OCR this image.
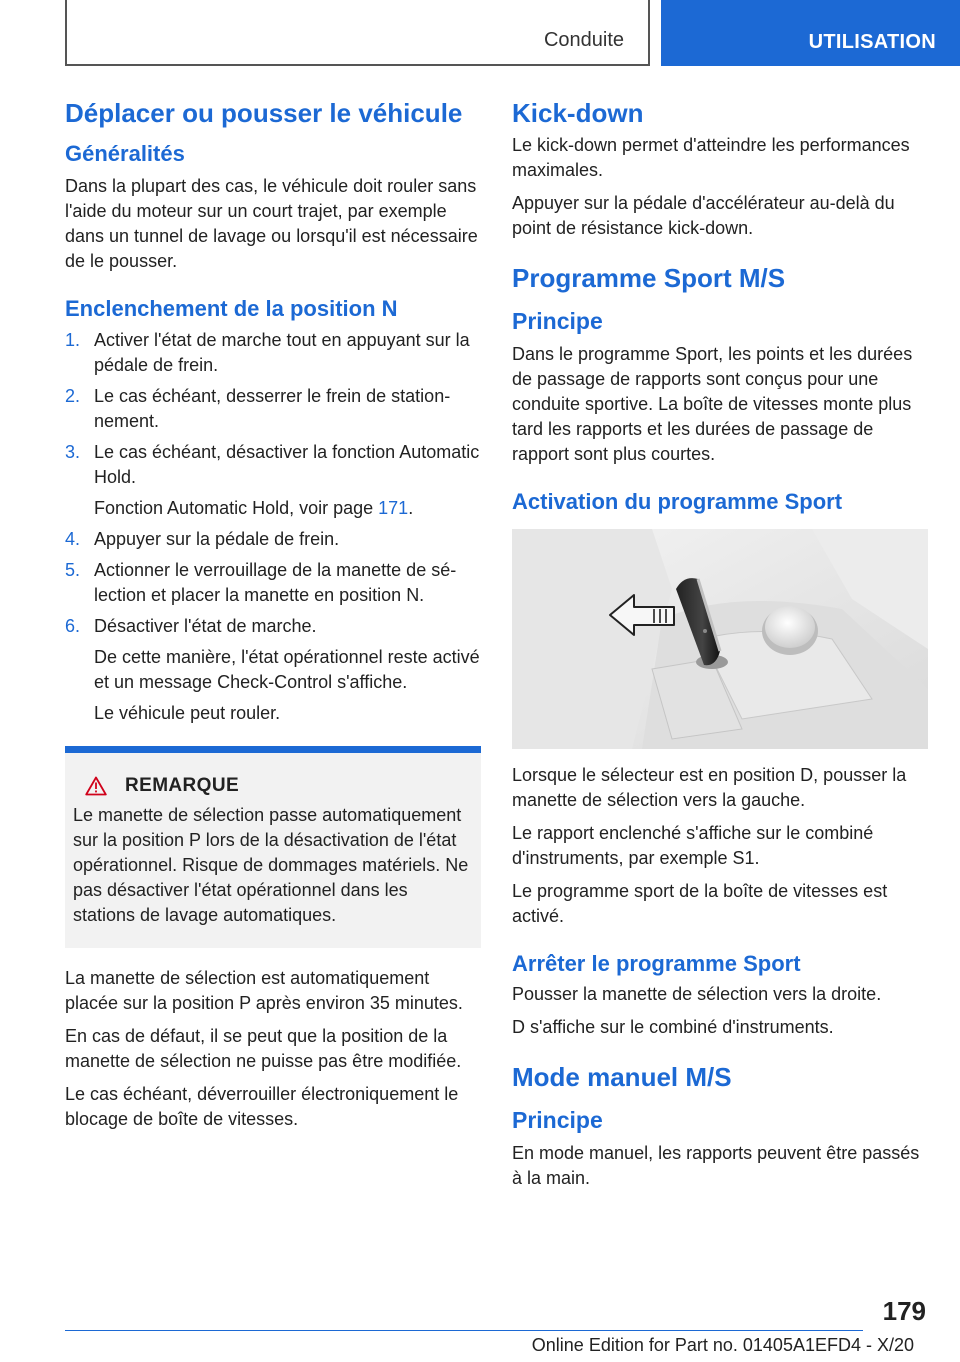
Conduite	UTILISATION
Déplacer ou pousser le véhicule
Généralités

Dans la plupart des cas, le véhicule doit rouler sans l'aide du moteur sur un court trajet, par exemple dans un tunnel de lavage ou lorsqu'il est nécessaire de le pousser.

Enclenchement de la position N
1. Activer l'état de marche tout en appuyant sur la pédale de frein.
2. Le cas échéant, desserrer le frein de stationnement.
3. Le cas échéant, désactiver la fonction Automatic Hold.
Fonction Automatic Hold, voir page 171.
4. Appuyer sur la pédale de frein.
5. Actionner le verrouillage de la manette de sélection et placer la manette en position N.
6. Désactiver l'état de marche.
De cette manière, l'état opérationnel reste activé et un message Check-Control s'affiche.
Le véhicule peut rouler.
REMARQUE

Le manette de sélection passe automatiquement sur la position P lors de la désactivation de l'état opérationnel. Risque de dommages matériels. Ne pas désactiver l'état opérationnel dans les stations de lavage automatiques.

La manette de sélection est automatiquement placée sur la position P après environ 35 minutes.

En cas de défaut, il se peut que la position de la manette de sélection ne puisse pas être modifiée.

Le cas échéant, déverrouiller électroniquement le blocage de boîte de vitesses.

Kick-down

Le kick-down permet d'atteindre les performances maximales.

Appuyer sur la pédale d'accélérateur au-delà du point de résistance kick-down.

Programme Sport M/S
Principe

Dans le programme Sport, les points et les durées de passage de rapports sont conçus pour une conduite sportive. La boîte de vitesses monte plus tard les rapports et les durées de passage de rapport sont plus courtes.

Activation du programme Sport

Lorsque le sélecteur est en position D, pousser la manette de sélection vers la gauche.

Le rapport enclenché s'affiche sur le combiné d'instruments, par exemple S1.

Le programme sport de la boîte de vitesses est activé.

Arrêter le programme Sport

Pousser la manette de sélection vers la droite.

D s'affiche sur le combiné d'instruments.

Mode manuel M/S
Principe

En mode manuel, les rapports peuvent être passés à la main.

179
Online Edition for Part no. 01405A1EFD4 - X/20
